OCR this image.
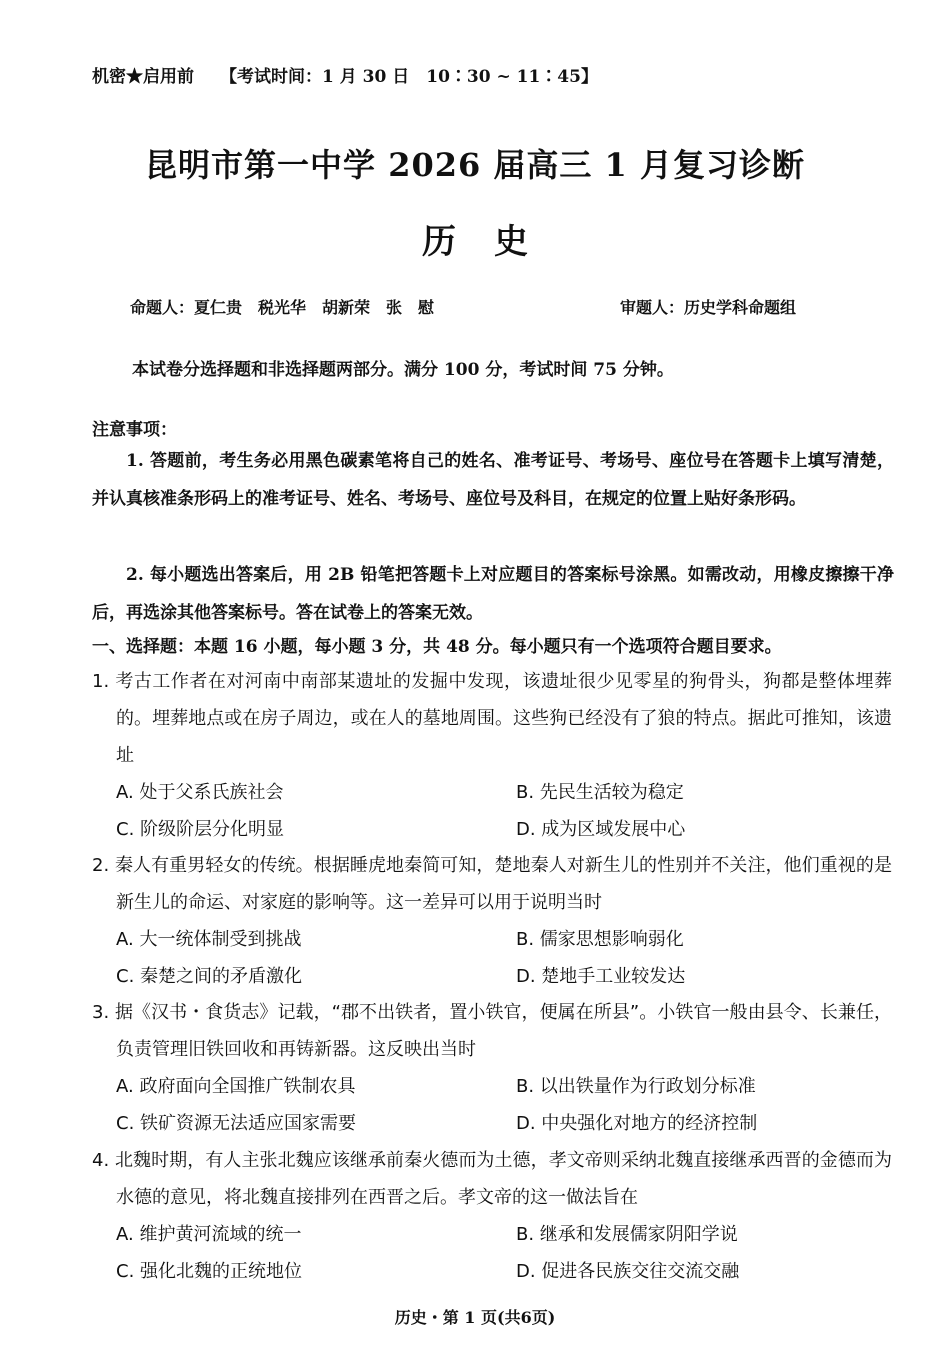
机密★启用前 【考试时间：1 月 30 日　10∶30 ~ 11∶45】
昆明市第一中学 2026 届高三 1 月复习诊断
历史
命题人：夏仁贵　税光华　胡新荣　张　慰	审题人：历史学科命题组
本试卷分选择题和非选择题两部分。满分 100 分，考试时间 75 分钟。
注意事项：
1. 答题前，考生务必用黑色碳素笔将自己的姓名、准考证号、考场号、座位号在答题卡上填写清楚，并认真核准条形码上的准考证号、姓名、考场号、座位号及科目，在规定的位置上贴好条形码。
2. 每小题选出答案后，用 2B 铅笔把答题卡上对应题目的答案标号涂黑。如需改动，用橡皮擦擦干净后，再选涂其他答案标号。答在试卷上的答案无效。
一、选择题：本题 16 小题，每小题 3 分，共 48 分。每小题只有一个选项符合题目要求。
1. 考古工作者在对河南中南部某遗址的发掘中发现，该遗址很少见零星的狗骨头，狗都是整体埋葬的。埋葬地点或在房子周边，或在人的墓地周围。这些狗已经没有了狼的特点。据此可推知，该遗址
A. 处于父系氏族社会	B. 先民生活较为稳定
C. 阶级阶层分化明显	D. 成为区域发展中心
2. 秦人有重男轻女的传统。根据睡虎地秦简可知，楚地秦人对新生儿的性别并不关注，他们重视的是新生儿的命运、对家庭的影响等。这一差异可以用于说明当时
A. 大一统体制受到挑战	B. 儒家思想影响弱化
C. 秦楚之间的矛盾激化	D. 楚地手工业较发达
3. 据《汉书・食货志》记载，“郡不出铁者，置小铁官，便属在所县”。小铁官一般由县令、长兼任，负责管理旧铁回收和再铸新器。这反映出当时
A. 政府面向全国推广铁制农具	B. 以出铁量作为行政划分标准
C. 铁矿资源无法适应国家需要	D. 中央强化对地方的经济控制
4. 北魏时期，有人主张北魏应该继承前秦火德而为土德，孝文帝则采纳北魏直接继承西晋的金德而为水德的意见，将北魏直接排列在西晋之后。孝文帝的这一做法旨在
A. 维护黄河流域的统一	B. 继承和发展儒家阴阳学说
C. 强化北魏的正统地位	D. 促进各民族交往交流交融
历史・第 1 页(共6页)
